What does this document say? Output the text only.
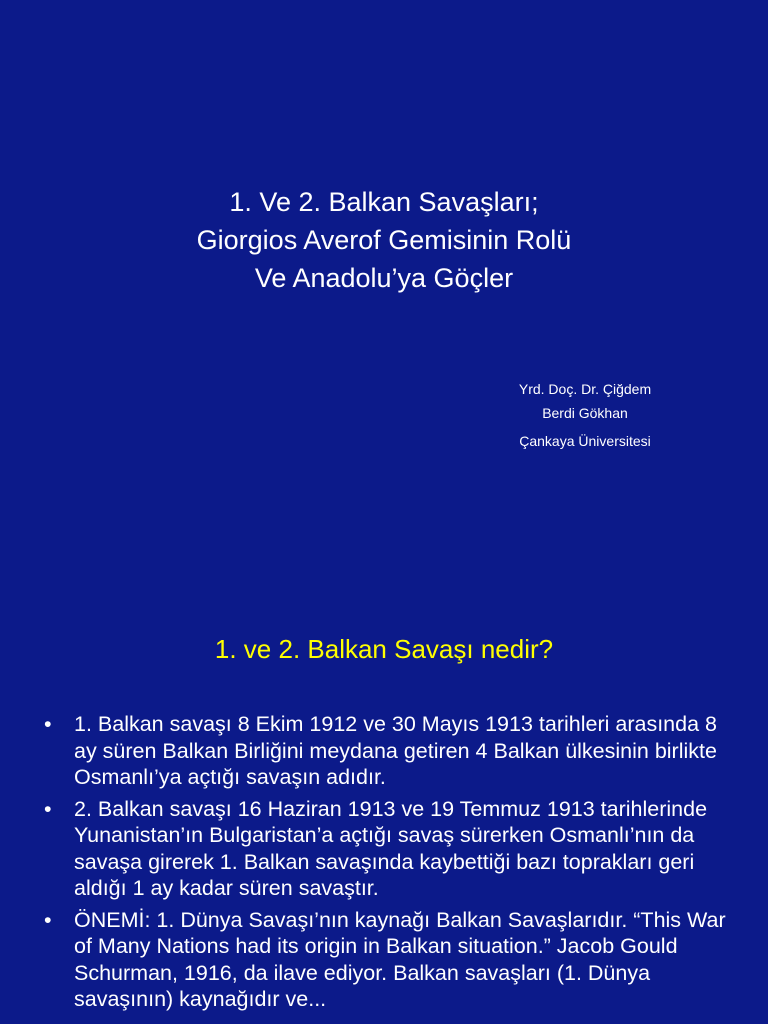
1. Ve 2. Balkan Savaşları;
Giorgios Averof Gemisinin Rolü
Ve Anadolu’ya Göçler
Yrd. Doç. Dr. Çiğdem
Berdi Gökhan
Çankaya Üniversitesi
1. ve 2. Balkan Savaşı nedir?
• 1. Balkan savaşı 8 Ekim 1912 ve 30 Mayıs 1913 tarihleri arasında 8 ay süren Balkan Birliğini meydana getiren 4 Balkan ülkesinin birlikte Osmanlı’ya açtığı savaşın adıdır.
• 2. Balkan savaşı 16 Haziran 1913 ve 19 Temmuz 1913 tarihlerinde Yunanistan’ın Bulgaristan’a açtığı savaş sürerken Osmanlı’nın da savaşa girerek 1. Balkan savaşında kaybettiği bazı toprakları geri aldığı 1 ay kadar süren savaştır.
• ÖNEMİ: 1. Dünya Savaşı’nın kaynağı Balkan Savaşlarıdır. “This War of Many Nations had its origin in Balkan situation.” Jacob Gould Schurman, 1916, da ilave ediyor. Balkan savaşları (1. Dünya savaşının) kaynağıdır ve...
